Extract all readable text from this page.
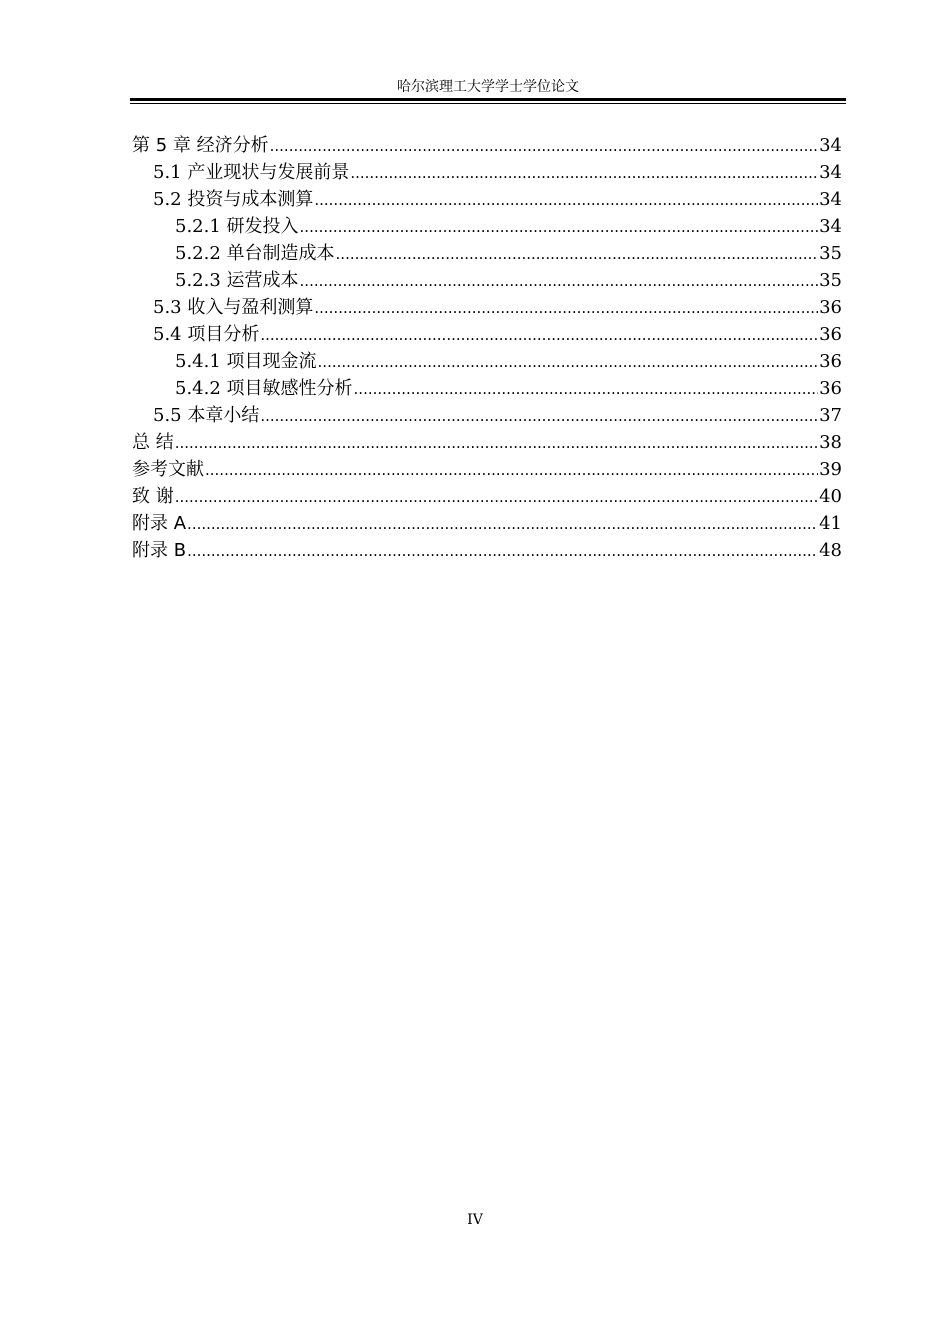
哈尔滨理工大学学士学位论文
第 5 章 经济分析 .....	34
5.1 产业现状与发展前景 .....	34
5.2 投资与成本测算 .....	34
5.2.1 研发投入 .....	34
5.2.2 单台制造成本 .....	35
5.2.3 运营成本 .....	35
5.3 收入与盈利测算 .....	36
5.4 项目分析 .....	36
5.4.1 项目现金流 .....	36
5.4.2 项目敏感性分析 .....	36
5.5 本章小结 .....	37
总 结 .....	38
参考文献 .....	39
致 谢 .....	40
附录 A .....	41
附录 B .....	48
IV
